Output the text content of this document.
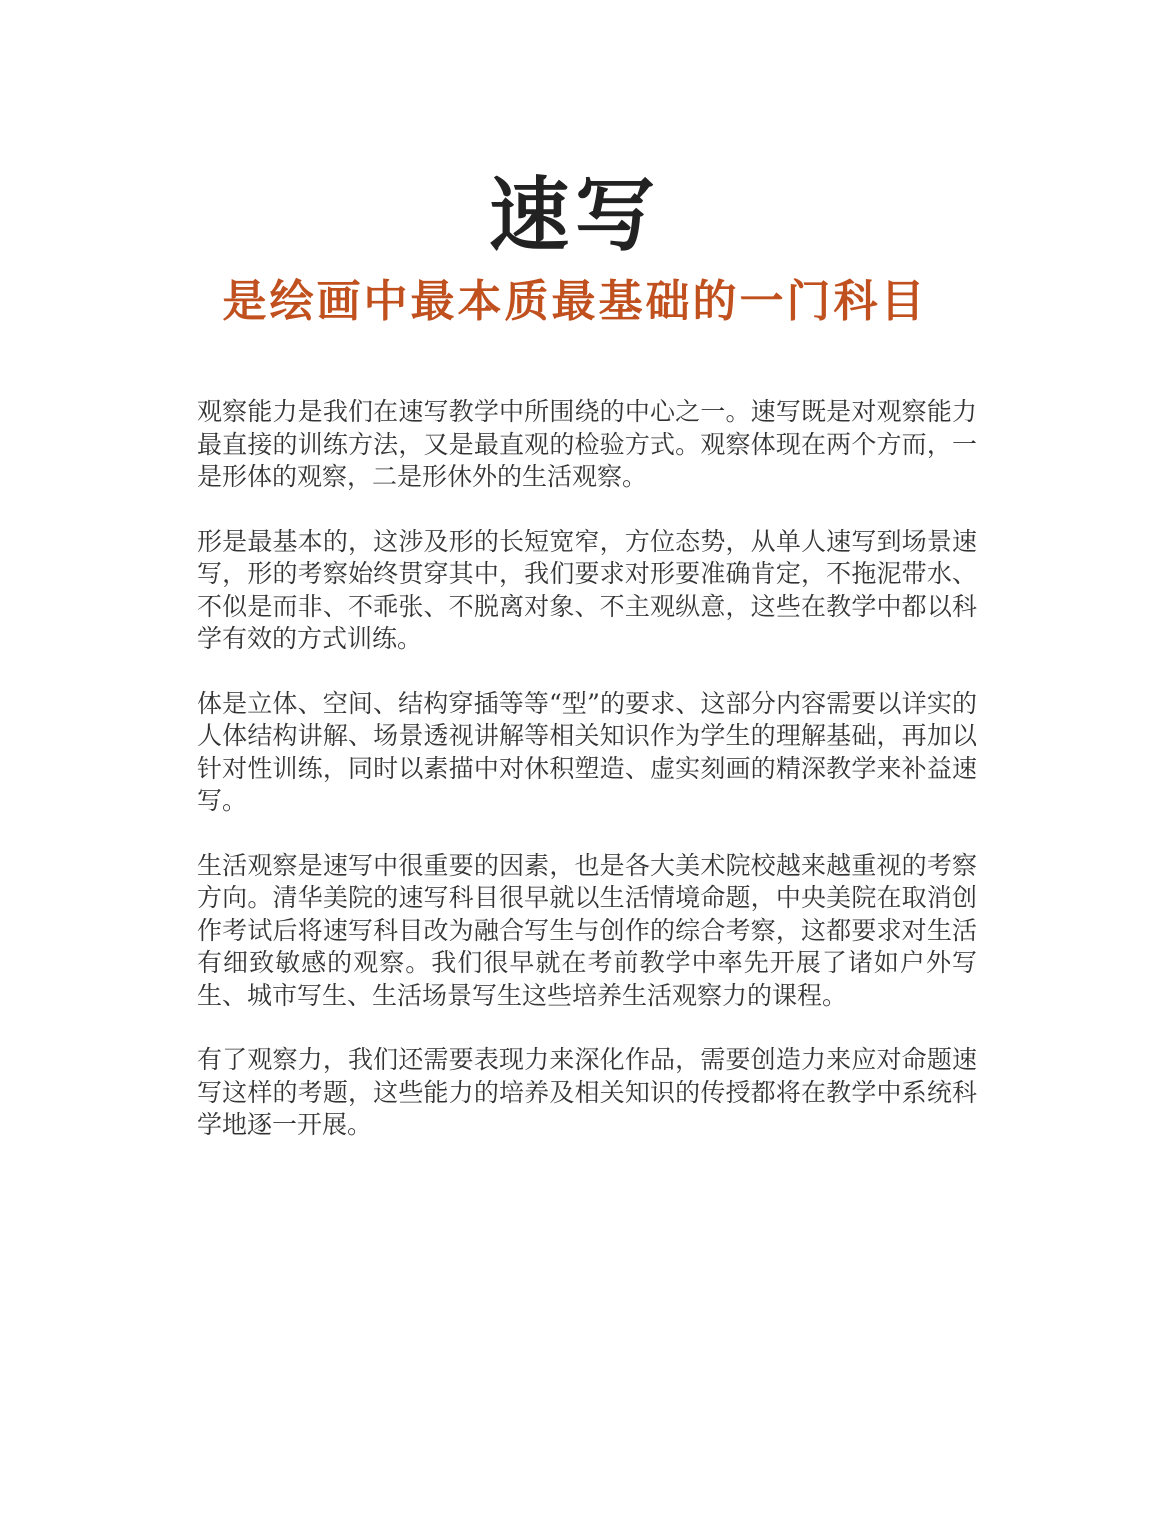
速写
是绘画中最本质最基础的一门科目

观察能力是我们在速写教学中所围绕的中心之一。速写既是对观察能力最直接的训练方法，又是最直观的检验方式。观察体现在两个方而，一是形体的观察，二是形休外的生活观察。

形是最基本的，这涉及形的长短宽窄，方位态势，从单人速写到场景速写，形的考察始终贯穿其中，我们要求对形要准确肯定，不拖泥带水、不似是而非、不乖张、不脱离对象、不主观纵意，这些在教学中都以科学有效的方式训练。

体是立体、空间、结构穿插等等“型”的要求、这部分内容需要以详实的人体结构讲解、场景透视讲解等相关知识作为学生的理解基础，再加以针对性训练，同时以素描中对休积塑造、虚实刻画的精深教学来补益速写。

生活观察是速写中很重要的因素，也是各大美术院校越来越重视的考察方向。清华美院的速写科目很早就以生活情境命题，中央美院在取消创作考试后将速写科目改为融合写生与创作的综合考察，这都要求对生活有细致敏感的观察。我们很早就在考前教学中率先开展了诸如户外写生、城市写生、生活场景写生这些培养生活观察力的课程。

有了观察力，我们还需要表现力来深化作品，需要创造力来应对命题速写这样的考题，这些能力的培养及相关知识的传授都将在教学中系统科学地逐一开展。
